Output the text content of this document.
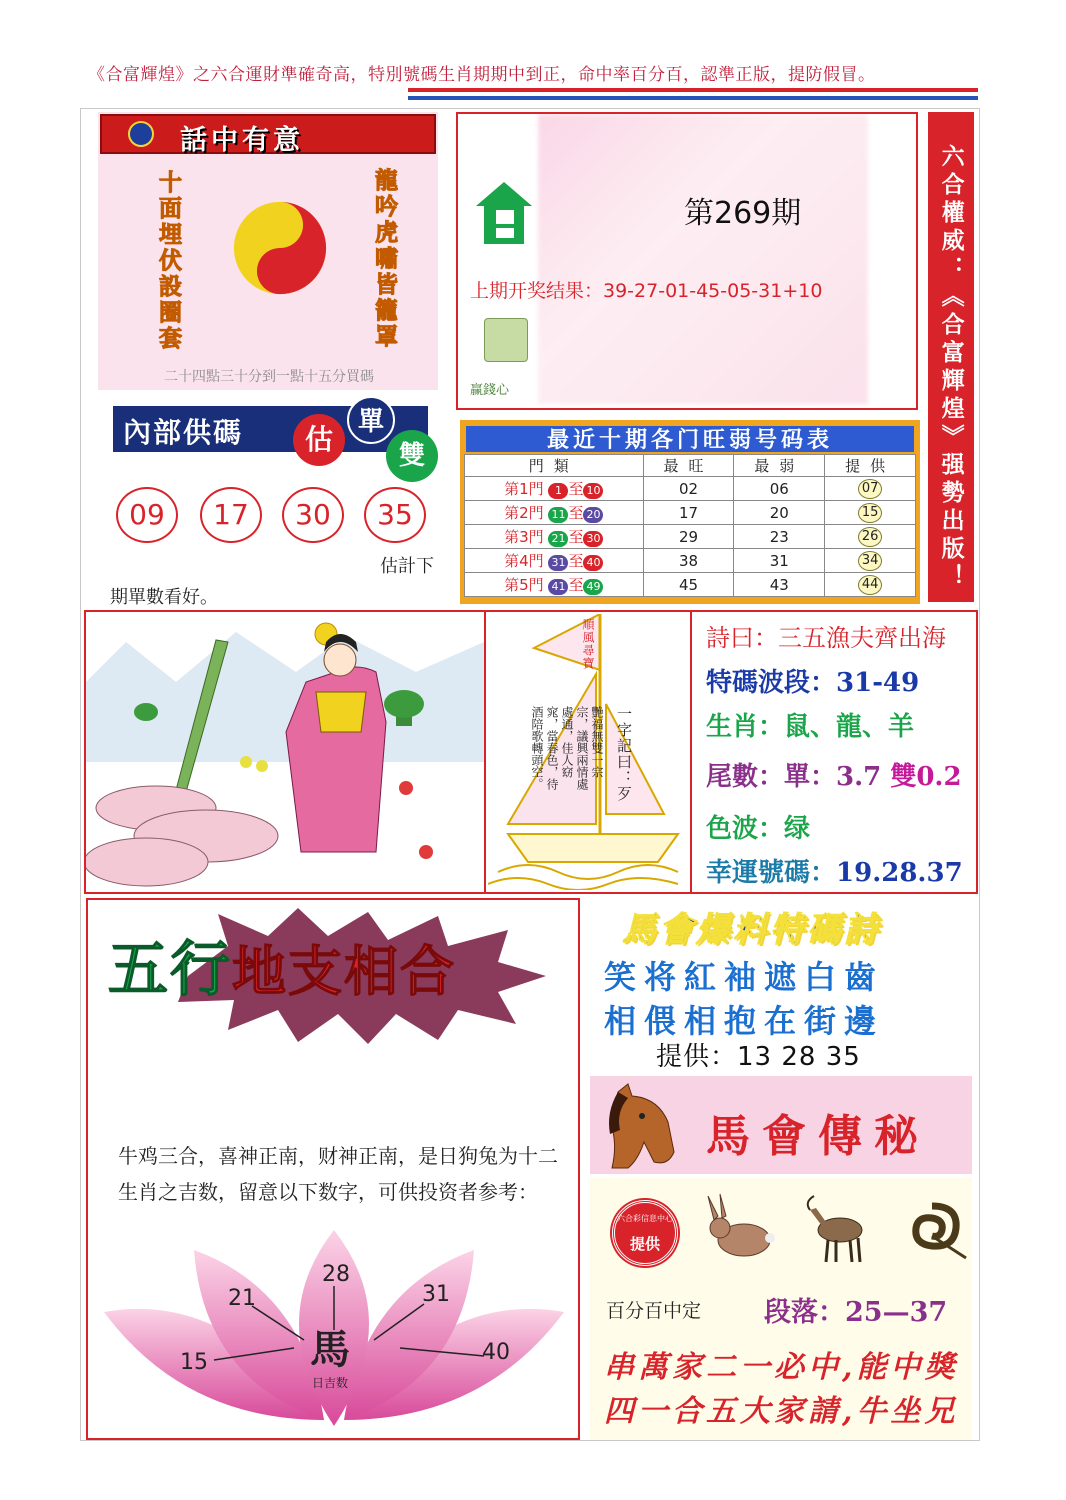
《合富輝煌》之六合運財準確奇高，特別號碼生肖期期中到正，命中率百分百，認準正版，提防假冒。
話中有意
十面埋伏設圈套	龍吟虎嘯皆籠罩
二十四點三十分到一點十五分買碼
內部供碼	估
單
雙
09	17	30	35
估計下
期單數看好。
第269期
上期开奖结果：39-27-01-45-05-31+10
赢錢心	六合權威：《合富輝煌》强勢出版！
最近十期各门旺弱号码表
門類	最旺	最弱	提供
第1門 1 至 10	02	06	07
第2門 11 至 20	17	20	15
第3門 21 至 30	29	23	26
第4門 31 至 40	38	31	34
第5門 41 至 49	45	43	44
順風尋寶
一字記曰：歹
艷福無雙一宗宗，議興兩情處處通，佳人窈窕，當春色，待酒陪歌轉頭空。
詩曰：三五漁夫齊出海
特碼波段：31-49
生肖：鼠、龍、羊
尾數：單：3.7 雙0.2
色波：绿
幸運號碼：19.28.37
五行地支相合
牛鸡三合，喜神正南，财神正南，是日狗兔为十二生肖之吉数，留意以下数字，可供投资者参考：
28
21	31
15	40
馬
日吉数
馬會爆料特碼詩
笑将紅袖遮白齒
相偎相抱在街邊
提供：13 28 35
馬會傳秘
六合彩信息中心
提供
百分百中定 段落：25—37
串萬家二一必中,能中獎
四一合五大家請,牛坐兄
